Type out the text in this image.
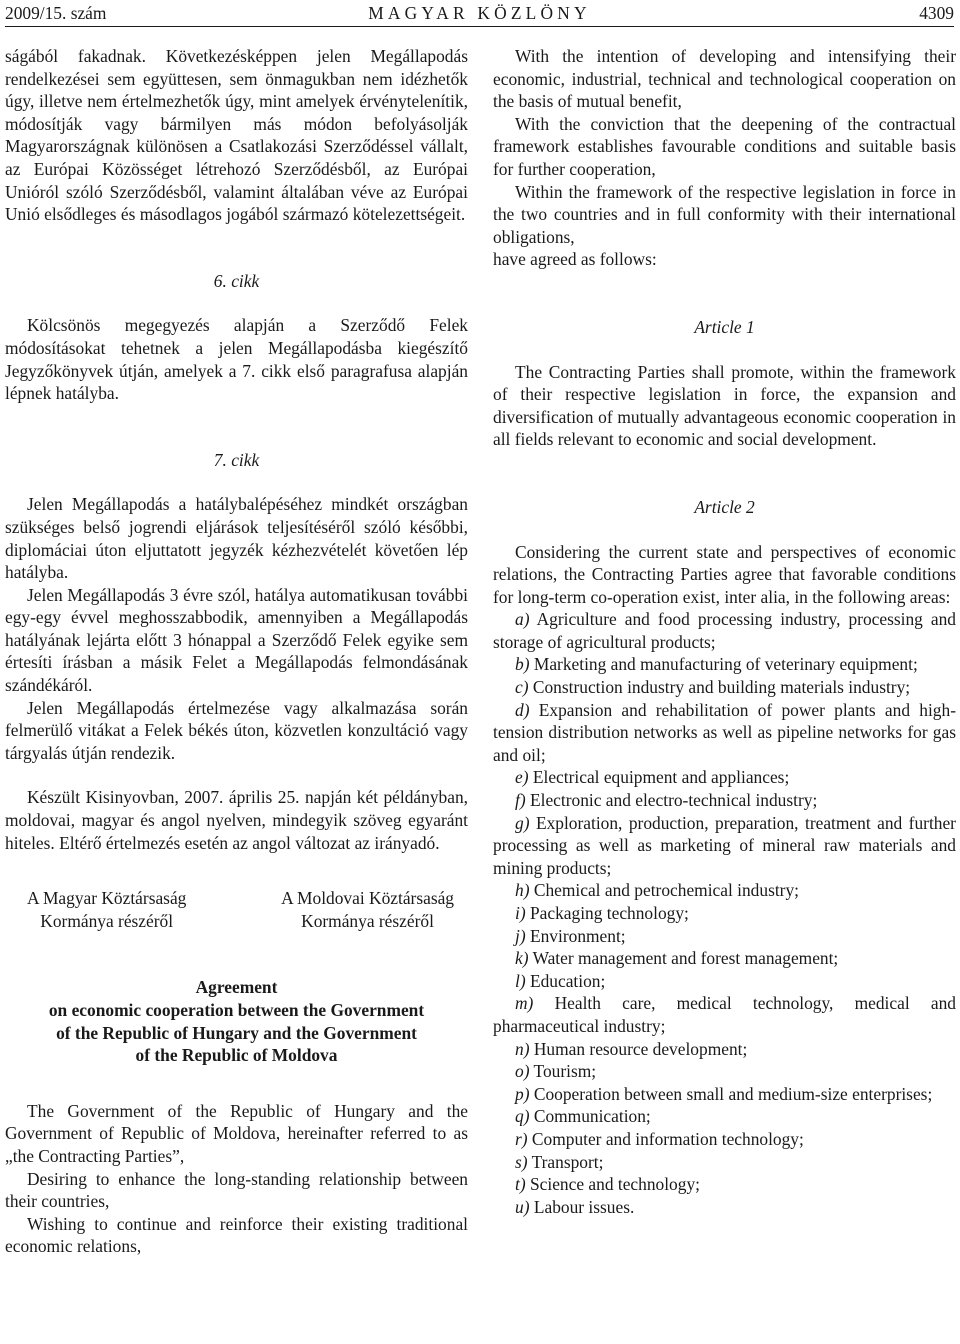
2009/15. szám	MAGYAR KÖZLÖNY	4309

ságából fakadnak. Következésképpen jelen Megállapodás rendelkezései sem együttesen, sem önmagukban nem idézhetők úgy, illetve nem értelmezhetők úgy, mint amelyek érvénytelenítik, módosítják vagy bármilyen más módon befolyásolják Magyarországnak különösen a Csatlakozási Szerződéssel vállalt, az Európai Közösséget létrehozó Szerződésből, az Európai Unióról szóló Szerződésből, valamint általában véve az Európai Unió elsődleges és másodlagos jogából származó kötelezettségeit.

6. cikk

Kölcsönös megegyezés alapján a Szerződő Felek módosításokat tehetnek a jelen Megállapodásba kiegészítő Jegyzőkönyvek útján, amelyek a 7. cikk első paragrafusa alapján lépnek hatályba.

7. cikk

Jelen Megállapodás a hatálybalépéséhez mindkét országban szükséges belső jogrendi eljárások teljesítéséről szóló későbbi, diplomáciai úton eljuttatott jegyzék kézhezvételét követően lép hatályba.

Jelen Megállapodás 3 évre szól, hatálya automatikusan további egy-egy évvel meghosszabbodik, amennyiben a Megállapodás hatályának lejárta előtt 3 hónappal a Szerződő Felek egyike sem értesíti írásban a másik Felet a Megállapodás felmondásának szándékáról.

Jelen Megállapodás értelmezése vagy alkalmazása során felmerülő vitákat a Felek békés úton, közvetlen konzultáció vagy tárgyalás útján rendezik.

Készült Kisinyovban, 2007. április 25. napján két példányban, moldovai, magyar és angol nyelven, mindegyik szöveg egyaránt hiteles. Eltérő értelmezés esetén az angol változat az irányadó.

A Magyar Köztársaság
Kormánya részéről
A Moldovai Köztársaság
Kormánya részéről
Agreement
on economic cooperation between the Government
of the Republic of Hungary and the Government
of the Republic of Moldova

The Government of the Republic of Hungary and the Government of Republic of Moldova, hereinafter referred to as „the Contracting Parties”,

Desiring to enhance the long-standing relationship between their countries,

Wishing to continue and reinforce their existing traditional economic relations,

With the intention of developing and intensifying their economic, industrial, technical and technological cooperation on the basis of mutual benefit,

With the conviction that the deepening of the contractual framework establishes favourable conditions and suitable basis for further cooperation,

Within the framework of the respective legislation in force in the two countries and in full conformity with their international obligations,

have agreed as follows:

Article 1

The Contracting Parties shall promote, within the framework of their respective legislation in force, the expansion and diversification of mutually advantageous economic cooperation in all fields relevant to economic and social development.

Article 2

Considering the current state and perspectives of economic relations, the Contracting Parties agree that favorable conditions for long-term co-operation exist, inter alia, in the following areas:

a) Agriculture and food processing industry, processing and storage of agricultural products;

b) Marketing and manufacturing of veterinary equipment;

c) Construction industry and building materials industry;

d) Expansion and rehabilitation of power plants and high-tension distribution networks as well as pipeline networks for gas and oil;

e) Electrical equipment and appliances;

f) Electronic and electro-technical industry;

g) Exploration, production, preparation, treatment and further processing as well as marketing of mineral raw materials and mining products;

h) Chemical and petrochemical industry;

i) Packaging technology;

j) Environment;

k) Water management and forest management;

l) Education;

m) Health care, medical technology, medical and pharmaceutical industry;

n) Human resource development;

o) Tourism;

p) Cooperation between small and medium-size enterprises;

q) Communication;

r) Computer and information technology;

s) Transport;

t) Science and technology;

u) Labour issues.
